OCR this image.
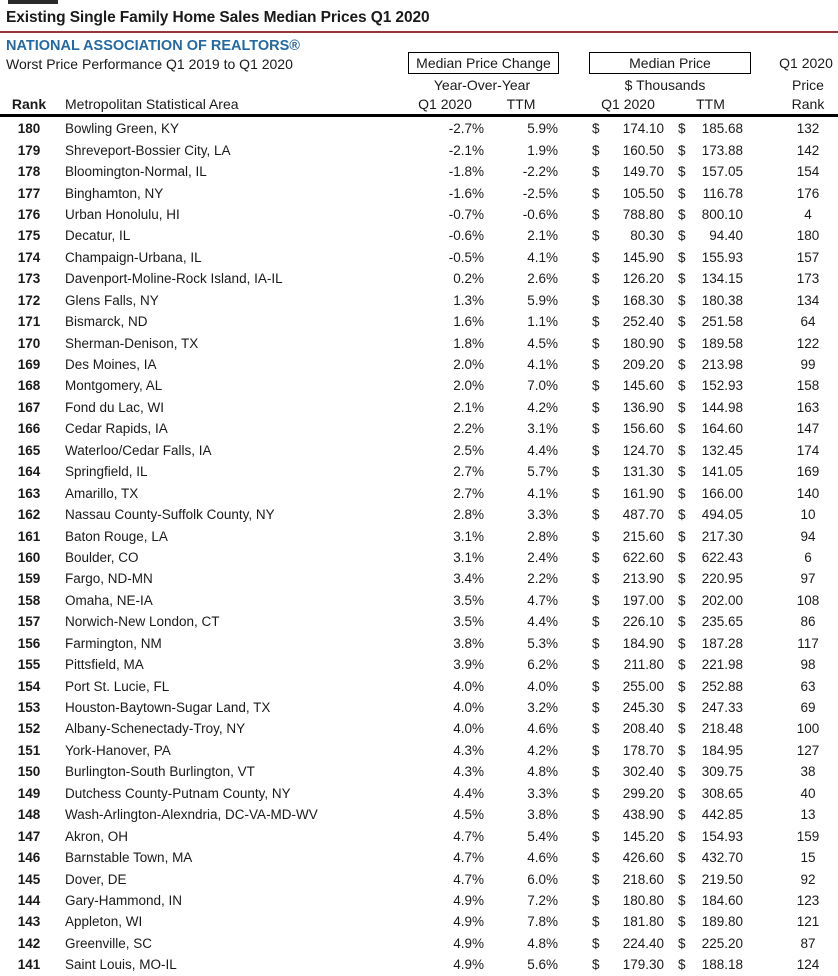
Existing Single Family Home Sales Median Prices Q1 2020
NATIONAL ASSOCIATION OF REALTORS®
Worst Price Performance Q1 2019 to Q1 2020	Median Price Change	Median Price	Q1 2020
Year-Over-Year	$ Thousands	Price
Rank	Metropolitan Statistical Area	Q1 2020	TTM	Q1 2020	TTM	Rank
180	Bowling Green, KY	-2.7%	5.9%	$ 174.10 $ 185.68	132
179	Shreveport-Bossier City, LA	-2.1%	1.9%	$ 160.50 $ 173.88	142
178	Bloomington-Normal, IL	-1.8%	-2.2%	$ 149.70 $ 157.05	154
177	Binghamton, NY	-1.6%	-2.5%	$ 105.50 $ 116.78	176
176	Urban Honolulu, HI	-0.7%	-0.6%	$ 788.80 $ 800.10	4
175	Decatur, IL	-0.6%	2.1%	$ 80.30 $ 94.40	180
174	Champaign-Urbana, IL	-0.5%	4.1%	$ 145.90 $ 155.93	157
173	Davenport-Moline-Rock Island, IA-IL	0.2%	2.6%	$ 126.20 $ 134.15	173
172	Glens Falls, NY	1.3%	5.9%	$ 168.30 $ 180.38	134
171	Bismarck, ND	1.6%	1.1%	$ 252.40 $ 251.58	64
170	Sherman-Denison, TX	1.8%	4.5%	$ 180.90 $ 189.58	122
169	Des Moines, IA	2.0%	4.1%	$ 209.20 $ 213.98	99
168	Montgomery, AL	2.0%	7.0%	$ 145.60 $ 152.93	158
167	Fond du Lac, WI	2.1%	4.2%	$ 136.90 $ 144.98	163
166	Cedar Rapids, IA	2.2%	3.1%	$ 156.60 $ 164.60	147
165	Waterloo/Cedar Falls, IA	2.5%	4.4%	$ 124.70 $ 132.45	174
164	Springfield, IL	2.7%	5.7%	$ 131.30 $ 141.05	169
163	Amarillo, TX	2.7%	4.1%	$ 161.90 $ 166.00	140
162	Nassau County-Suffolk County, NY	2.8%	3.3%	$ 487.70 $ 494.05	10
161	Baton Rouge, LA	3.1%	2.8%	$ 215.60 $ 217.30	94
160	Boulder, CO	3.1%	2.4%	$ 622.60 $ 622.43	6
159	Fargo, ND-MN	3.4%	2.2%	$ 213.90 $ 220.95	97
158	Omaha, NE-IA	3.5%	4.7%	$ 197.00 $ 202.00	108
157	Norwich-New London, CT	3.5%	4.4%	$ 226.10 $ 235.65	86
156	Farmington, NM	3.8%	5.3%	$ 184.90 $ 187.28	117
155	Pittsfield, MA	3.9%	6.2%	$ 211.80 $ 221.98	98
154	Port St. Lucie, FL	4.0%	4.0%	$ 255.00 $ 252.88	63
153	Houston-Baytown-Sugar Land, TX	4.0%	3.2%	$ 245.30 $ 247.33	69
152	Albany-Schenectady-Troy, NY	4.0%	4.6%	$ 208.40 $ 218.48	100
151	York-Hanover, PA	4.3%	4.2%	$ 178.70 $ 184.95	127
150	Burlington-South Burlington, VT	4.3%	4.8%	$ 302.40 $ 309.75	38
149	Dutchess County-Putnam County, NY	4.4%	3.3%	$ 299.20 $ 308.65	40
148	Wash-Arlington-Alexndria, DC-VA-MD-WV	4.5%	3.8%	$ 438.90 $ 442.85	13
147	Akron, OH	4.7%	5.4%	$ 145.20 $ 154.93	159
146	Barnstable Town, MA	4.7%	4.6%	$ 426.60 $ 432.70	15
145	Dover, DE	4.7%	6.0%	$ 218.60 $ 219.50	92
144	Gary-Hammond, IN	4.9%	7.2%	$ 180.80 $ 184.60	123
143	Appleton, WI	4.9%	7.8%	$ 181.80 $ 189.80	121
142	Greenville, SC	4.9%	4.8%	$ 224.40 $ 225.20	87
141	Saint Louis, MO-IL	4.9%	5.6%	$ 179.30 $ 188.18	124
